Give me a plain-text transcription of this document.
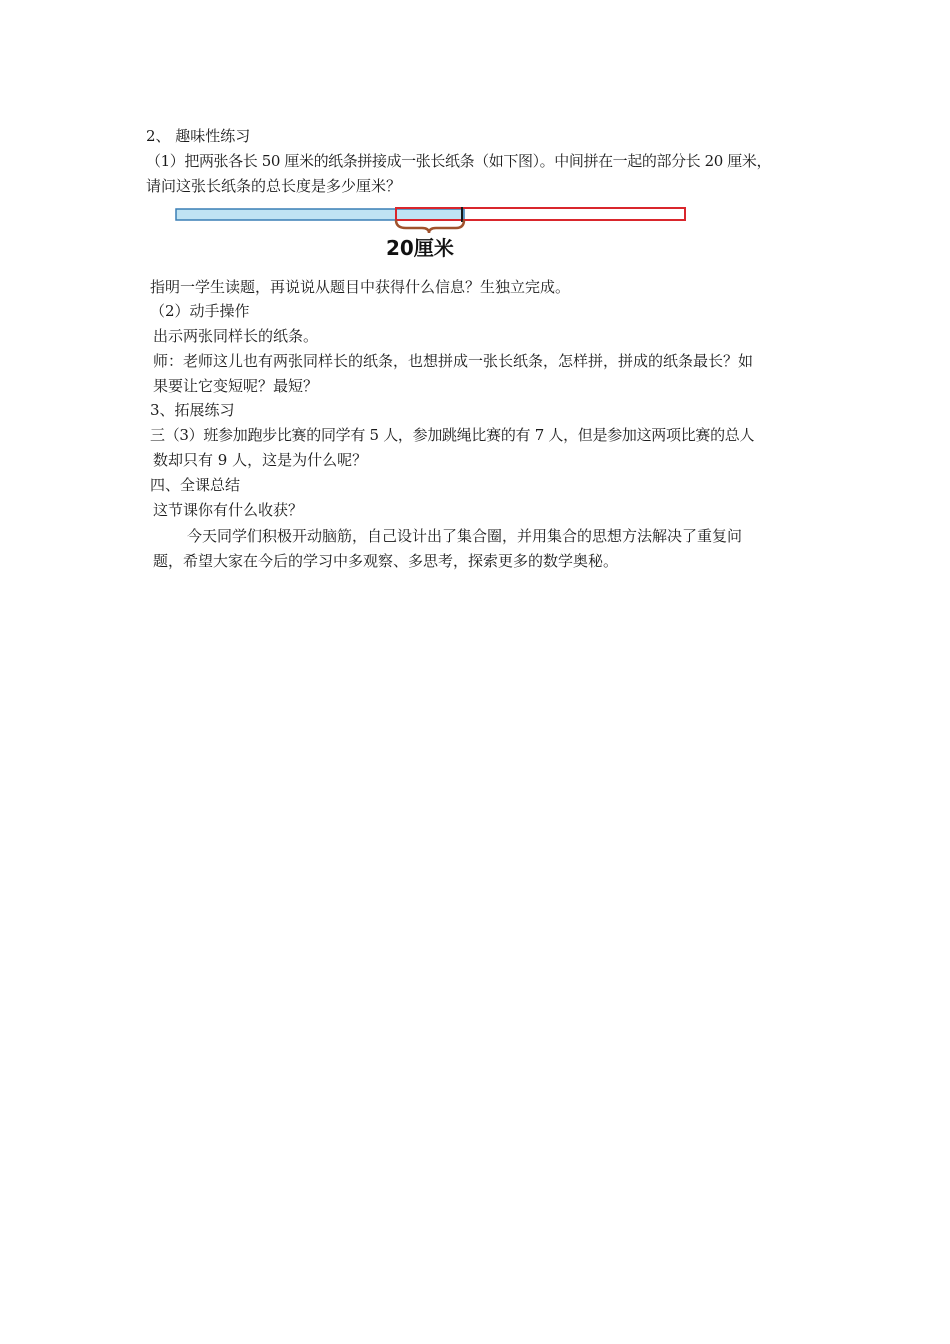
2、 趣味性练习
（1）把两张各长 50 厘米的纸条拼接成一张长纸条（如下图）。中间拼在一起的部分长 20 厘米，
请问这张长纸条的总长度是多少厘米？
20厘米
指明一学生读题，再说说从题目中获得什么信息？生独立完成。
（2）动手操作
出示两张同样长的纸条。
师：老师这儿也有两张同样长的纸条，也想拼成一张长纸条，怎样拼，拼成的纸条最长？如
果要让它变短呢？最短？
3、拓展练习
三（3）班参加跑步比赛的同学有 5 人，参加跳绳比赛的有 7 人，但是参加这两项比赛的总人
数却只有 9 人，这是为什么呢？
四、全课总结
这节课你有什么收获？
今天同学们积极开动脑筋，自己设计出了集合圈，并用集合的思想方法解决了重复问
题，希望大家在今后的学习中多观察、多思考，探索更多的数学奥秘。
